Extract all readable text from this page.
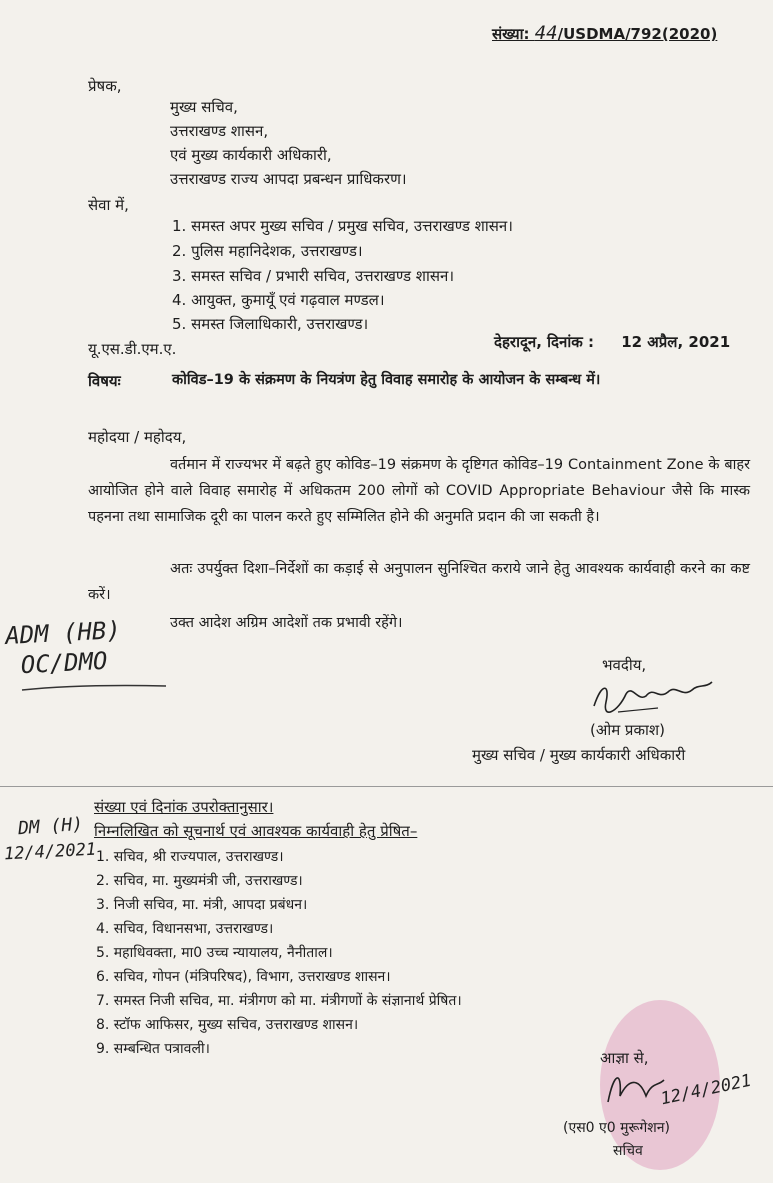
संख्या: 44/USDMA/792(2020)
प्रेषक,
मुख्य सचिव,
उत्तराखण्ड शासन,
एवं मुख्य कार्यकारी अधिकारी,
उत्तराखण्ड राज्य आपदा प्रबन्धन प्राधिकरण।
सेवा में,
1. समस्त अपर मुख्य सचिव / प्रमुख सचिव, उत्तराखण्ड शासन।
2. पुलिस महानिदेशक, उत्तराखण्ड।
3. समस्त सचिव / प्रभारी सचिव, उत्तराखण्ड शासन।
4. आयुक्त, कुमायूँ एवं गढ़वाल मण्डल।
5. समस्त जिलाधिकारी, उत्तराखण्ड।
यू.एस.डी.एम.ए.	देहरादून, दिनांक : 12 अप्रैल, 2021
विषयः	कोविड–19 के संक्रमण के नियत्रंण हेतु विवाह समारोह के आयोजन के सम्बन्ध में।
महोदया / महोदय,

वर्तमान में राज्यभर में बढ़ते हुए कोविड–19 संक्रमण के दृष्टिगत कोविड–19 Containment Zone के बाहर आयोजित होने वाले विवाह समारोह में अधिकतम 200 लोगों को COVID Appropriate Behaviour जैसे कि मास्क पहनना तथा सामाजिक दूरी का पालन करते हुए सम्मिलित होने की अनुमति प्रदान की जा सकती है।

अतः उपर्युक्त दिशा–निर्देशों का कड़ाई से अनुपालन सुनिश्चित कराये जाने हेतु आवश्यक कार्यवाही करने का कष्ट करें।

उक्त आदेश अग्रिम आदेशों तक प्रभावी रहेंगे।
ADM (HB)
OC/DMO	भवदीय,
(ओम प्रकाश)
मुख्य सचिव / मुख्य कार्यकारी अधिकारी
संख्या एवं दिनांक उपरोक्तानुसार।
DM (H) निम्नलिखित को सूचनार्थ एवं आवश्यक कार्यवाही हेतु प्रेषित–
12/4/2021 1. सचिव, श्री राज्यपाल, उत्तराखण्ड।
2. सचिव, मा. मुख्यमंत्री जी, उत्तराखण्ड।
3. निजी सचिव, मा. मंत्री, आपदा प्रबंधन।
4. सचिव, विधानसभा, उत्तराखण्ड।
5. महाधिवक्ता, मा0 उच्च न्यायालय, नैनीताल।
6. सचिव, गोपन (मंत्रिपरिषद), विभाग, उत्तराखण्ड शासन।
7. समस्त निजी सचिव, मा. मंत्रीगण को मा. मंत्रीगणों के संज्ञानार्थ प्रेषित।
8. स्टॉफ आफिसर, मुख्य सचिव, उत्तराखण्ड शासन।
9. सम्बन्धित पत्रावली।	आज्ञा से,
12/4/2021
(एस0 ए0 मुरूगेशन)
सचिव
